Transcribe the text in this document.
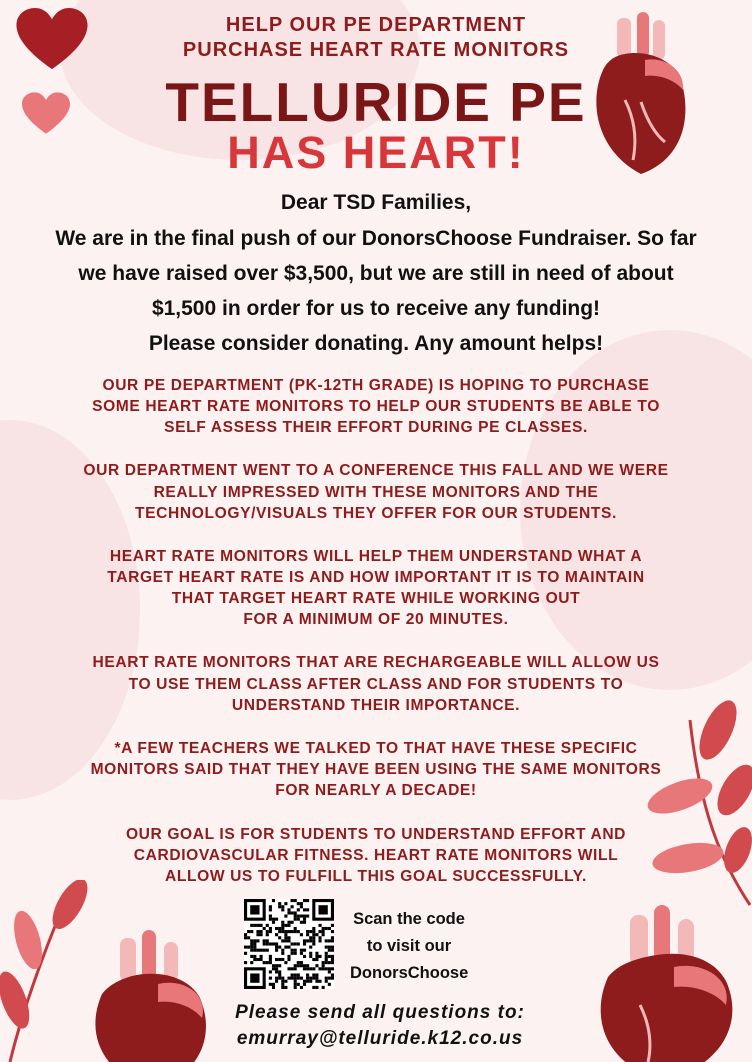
HELP OUR PE DEPARTMENT
PURCHASE HEART RATE MONITORS
TELLURIDE PE
HAS HEART!
Dear TSD Families,
We are in the final push of our DonorsChoose Fundraiser. So far
we have raised over $3,500, but we are still in need of about
$1,500 in order for us to receive any funding!
Please consider donating. Any amount helps!
OUR PE DEPARTMENT (PK-12TH GRADE) IS HOPING TO PURCHASE
SOME HEART RATE MONITORS TO HELP OUR STUDENTS BE ABLE TO
SELF ASSESS THEIR EFFORT DURING PE CLASSES.
OUR DEPARTMENT WENT TO A CONFERENCE THIS FALL AND WE WERE
REALLY IMPRESSED WITH THESE MONITORS AND THE
TECHNOLOGY/VISUALS THEY OFFER FOR OUR STUDENTS.
HEART RATE MONITORS WILL HELP THEM UNDERSTAND WHAT A
TARGET HEART RATE IS AND HOW IMPORTANT IT IS TO MAINTAIN
THAT TARGET HEART RATE WHILE WORKING OUT
FOR A MINIMUM OF 20 MINUTES.
HEART RATE MONITORS THAT ARE RECHARGEABLE WILL ALLOW US
TO USE THEM CLASS AFTER CLASS AND FOR STUDENTS TO
UNDERSTAND THEIR IMPORTANCE.
*A FEW TEACHERS WE TALKED TO THAT HAVE THESE SPECIFIC
MONITORS SAID THAT THEY HAVE BEEN USING THE SAME MONITORS
FOR NEARLY A DECADE!
OUR GOAL IS FOR STUDENTS TO UNDERSTAND EFFORT AND
CARDIOVASCULAR FITNESS. HEART RATE MONITORS WILL
ALLOW US TO FULFILL THIS GOAL SUCCESSFULLY.
Scan the code
to visit our
DonorsChoose
Please send all questions to:
emurray@telluride.k12.co.us
